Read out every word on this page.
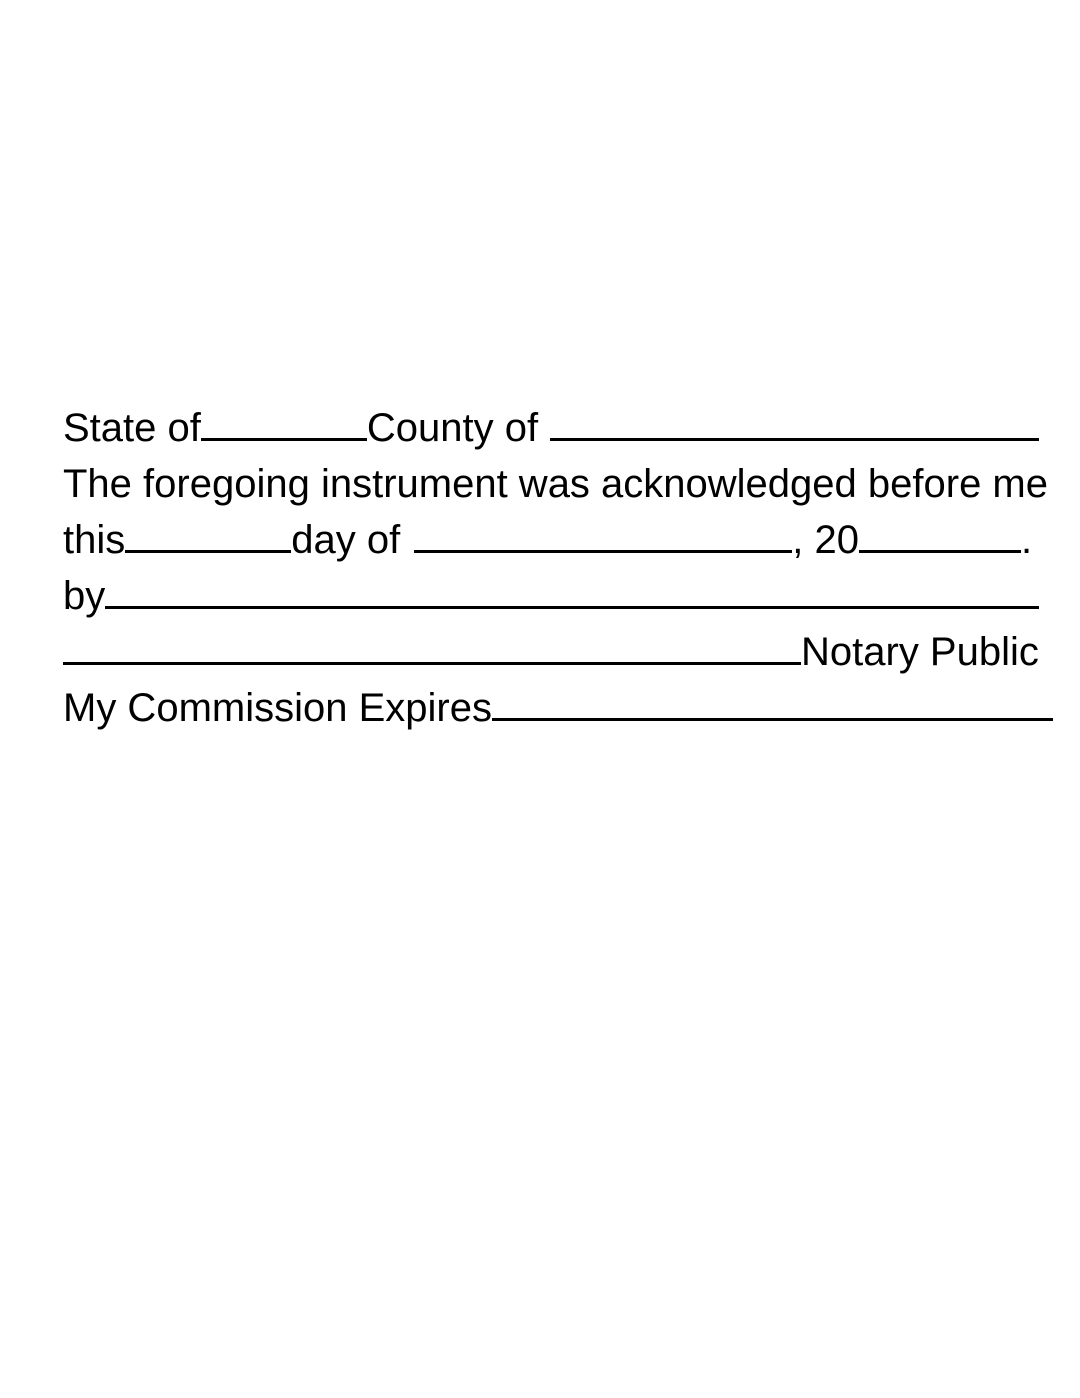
State of	County of
The foregoing instrument was acknowledged before me
this	day of	, 20	.
by
Notary Public
My Commission Expires
